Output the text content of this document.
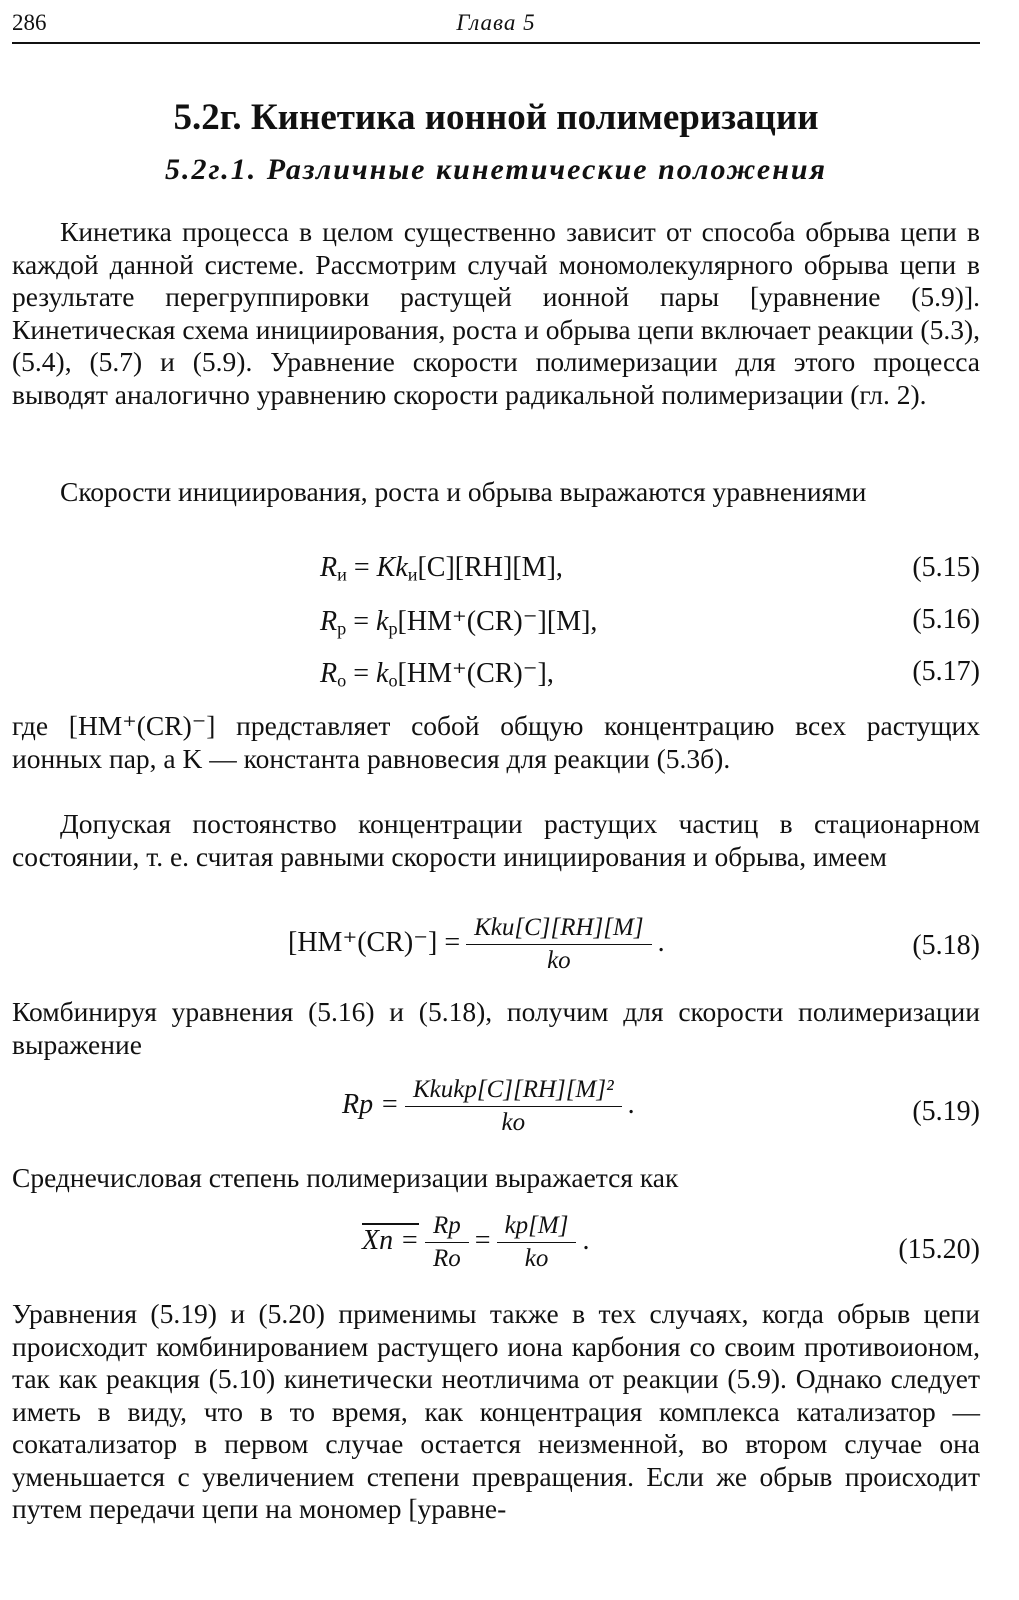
286	Глава 5
5.2г. Кинетика ионной полимеризации
5.2г.1. Различные кинетические положения

Кинетика процесса в целом существенно зависит от способа обрыва цепи в каждой данной системе. Рассмотрим случай мономолекулярного обрыва цепи в результате перегруппировки растущей ионной пары [уравнение (5.9)]. Кинетическая схема инициирования, роста и обрыва цепи включает реакции (5.3), (5.4), (5.7) и (5.9). Уравнение скорости полимеризации для этого процесса выводят аналогично уравнению скорости радикальной полимеризации (гл. 2).

Скорости инициирования, роста и обрыва выражаются уравнениями

$R_и = Kk_и[C][RH][M]$,	(5.15)
$R_р = k_р[HM^+(CR)^-][M]$,	(5.16)
$R_о = k_о[HM^+(CR)^-]$,	(5.17)

где [HM⁺(CR)⁻] представляет собой общую концентрацию всех растущих ионных пар, а K — константа равновесия для реакции (5.3б).

Допуская постоянство концентрации растущих частиц в стационарном состоянии, т. е. считая равными скорости инициирования и обрыва, имеем

$[HM^+(CR)^-] = \frac{\text{Kkи[C][RH][M]}}{kо}$ .	(5.18)

Комбинируя уравнения (5.16) и (5.18), получим для скорости полимеризации выражение

Rр = $\frac{\text{Kkиkр[C][RH][M]²}}{kо}$ .	(5.19)

Среднечисловая степень полимеризации выражается как

$Xn = \frac{Rр}{Rо} = \frac{kр[M]}{kо}$ .	(15.20)

Уравнения (5.19) и (5.20) применимы также в тех случаях, когда обрыв цепи происходит комбинированием растущего иона карбония со своим противоионом, так как реакция (5.10) кинетически неотличима от реакции (5.9). Однако следует иметь в виду, что в то время, как концентрация комплекса катализатор — сокатализатор в первом случае остается неизменной, во втором случае она уменьшается с увеличением степени превращения. Если же обрыв происходит путем передачи цепи на мономер [уравне-
